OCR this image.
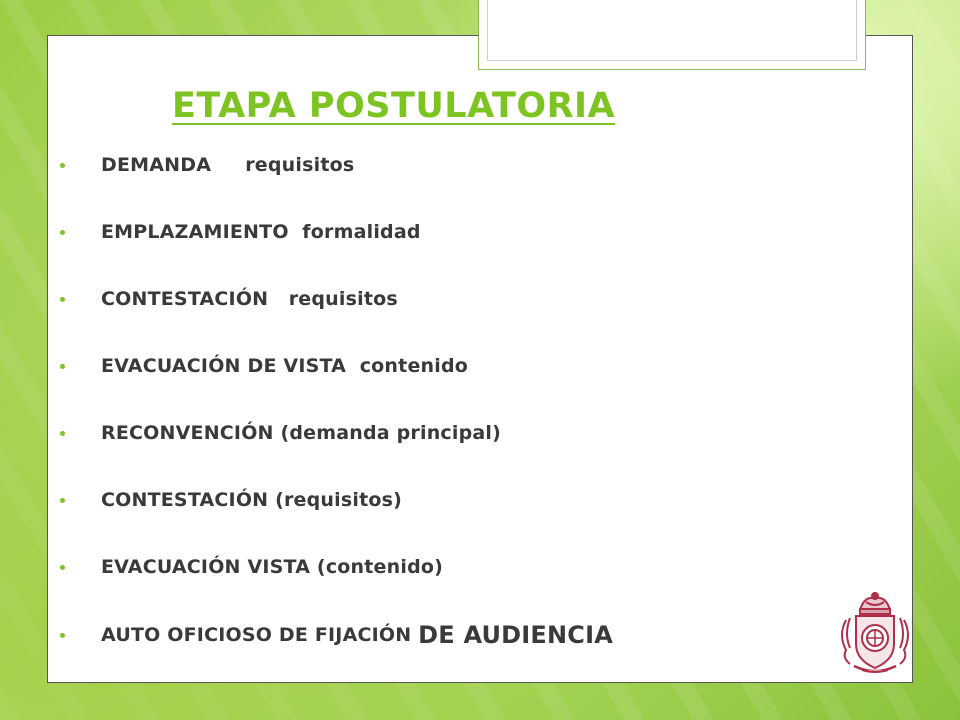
ETAPA POSTULATORIA
DEMANDA     requisitos
EMPLAZAMIENTO  formalidad
CONTESTACIÓN   requisitos
EVACUACIÓN DE VISTA  contenido
RECONVENCIÓN (demanda principal)
CONTESTACIÓN (requisitos)
EVACUACIÓN VISTA (contenido)
AUTO OFICIOSO DE FIJACIÓN DE AUDIENCIA
